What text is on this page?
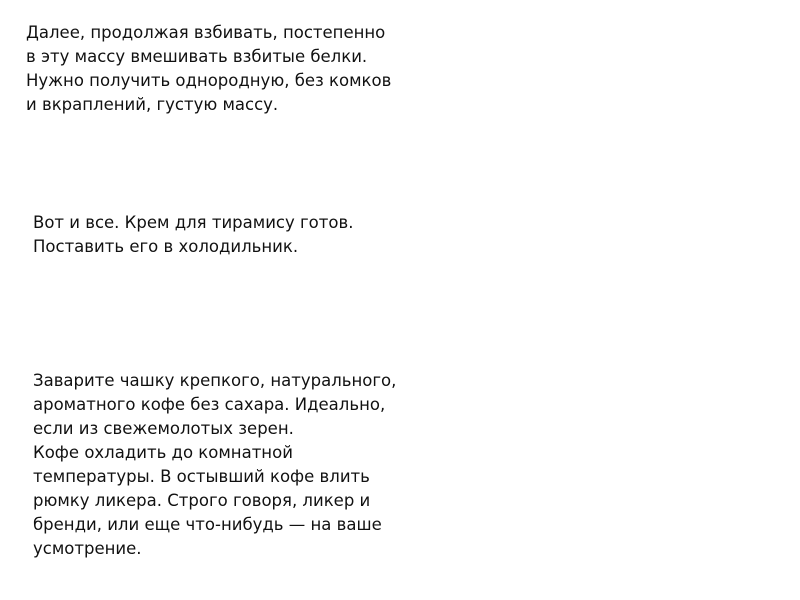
Далее, продолжая взбивать, постепенно
в эту массу вмешивать взбитые белки.
Нужно получить однородную, без комков
и вкраплений, густую массу.
Вот и все. Крем для тирамису готов.
Поставить его в холодильник.
Заварите чашку крепкого, натурального,
ароматного кофе без сахара. Идеально,
если из свежемолотых зерен.
Кофе охладить до комнатной
температуры. В остывший кофе влить
рюмку ликера. Строго говоря, ликер и
бренди, или еще что-нибудь — на ваше
усмотрение.
